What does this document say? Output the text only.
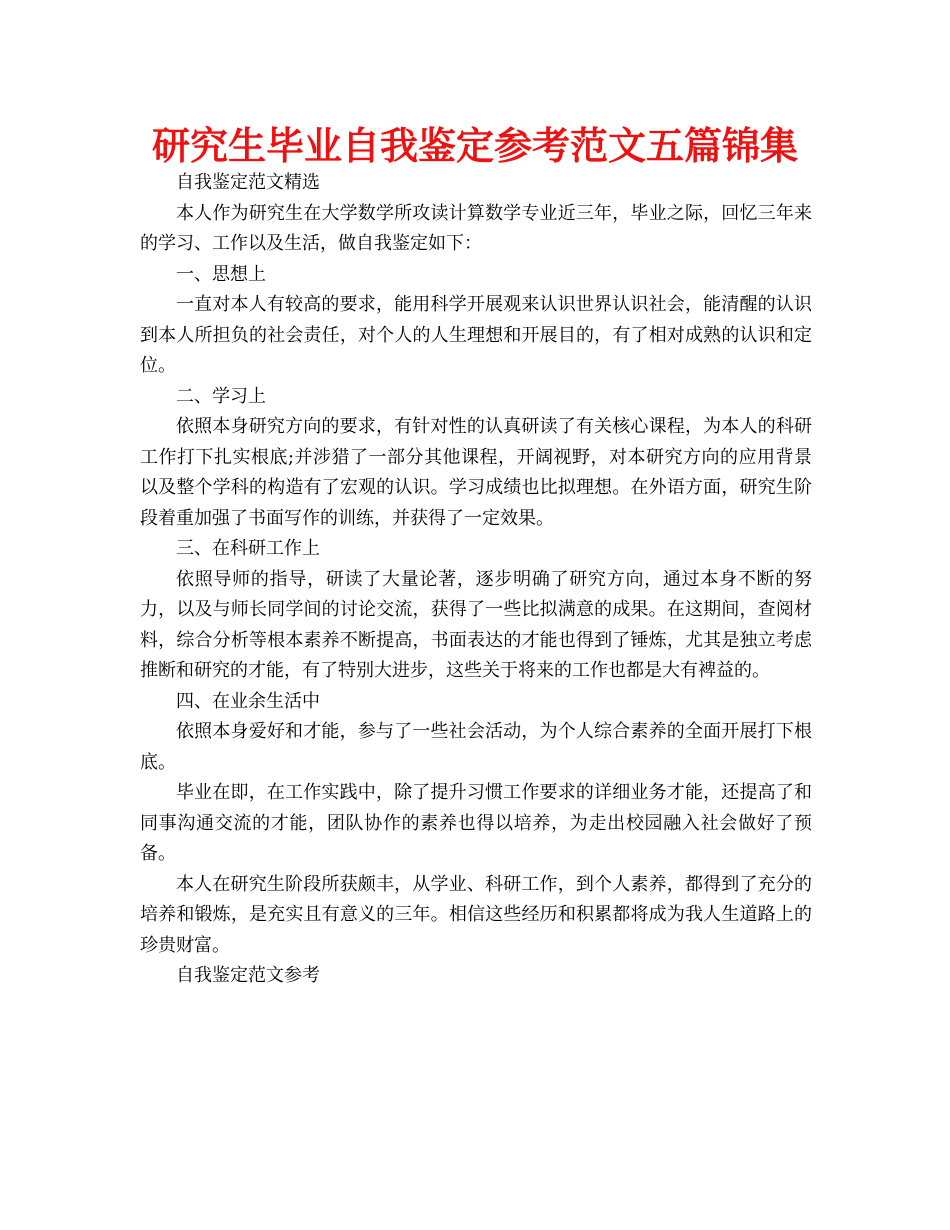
研究生毕业自我鉴定参考范文五篇锦集

自我鉴定范文精选

本人作为研究生在大学数学所攻读计算数学专业近三年，毕业之际，回忆三年来的学习、工作以及生活，做自我鉴定如下：

一、思想上

一直对本人有较高的要求，能用科学开展观来认识世界认识社会，能清醒的认识到本人所担负的社会责任，对个人的人生理想和开展目的，有了相对成熟的认识和定位。

二、学习上

依照本身研究方向的要求，有针对性的认真研读了有关核心课程，为本人的科研工作打下扎实根底;并涉猎了一部分其他课程，开阔视野，对本研究方向的应用背景以及整个学科的构造有了宏观的认识。学习成绩也比拟理想。在外语方面，研究生阶段着重加强了书面写作的训练，并获得了一定效果。

三、在科研工作上

依照导师的指导，研读了大量论著，逐步明确了研究方向，通过本身不断的努力，以及与师长同学间的讨论交流，获得了一些比拟满意的成果。在这期间，查阅材料，综合分析等根本素养不断提高，书面表达的才能也得到了锤炼，尤其是独立考虑推断和研究的才能，有了特别大进步，这些关于将来的工作也都是大有裨益的。

四、在业余生活中

依照本身爱好和才能，参与了一些社会活动，为个人综合素养的全面开展打下根底。

毕业在即，在工作实践中，除了提升习惯工作要求的详细业务才能，还提高了和同事沟通交流的才能，团队协作的素养也得以培养，为走出校园融入社会做好了预备。

本人在研究生阶段所获颇丰，从学业、科研工作，到个人素养，都得到了充分的培养和锻炼，是充实且有意义的三年。相信这些经历和积累都将成为我人生道路上的珍贵财富。

自我鉴定范文参考
